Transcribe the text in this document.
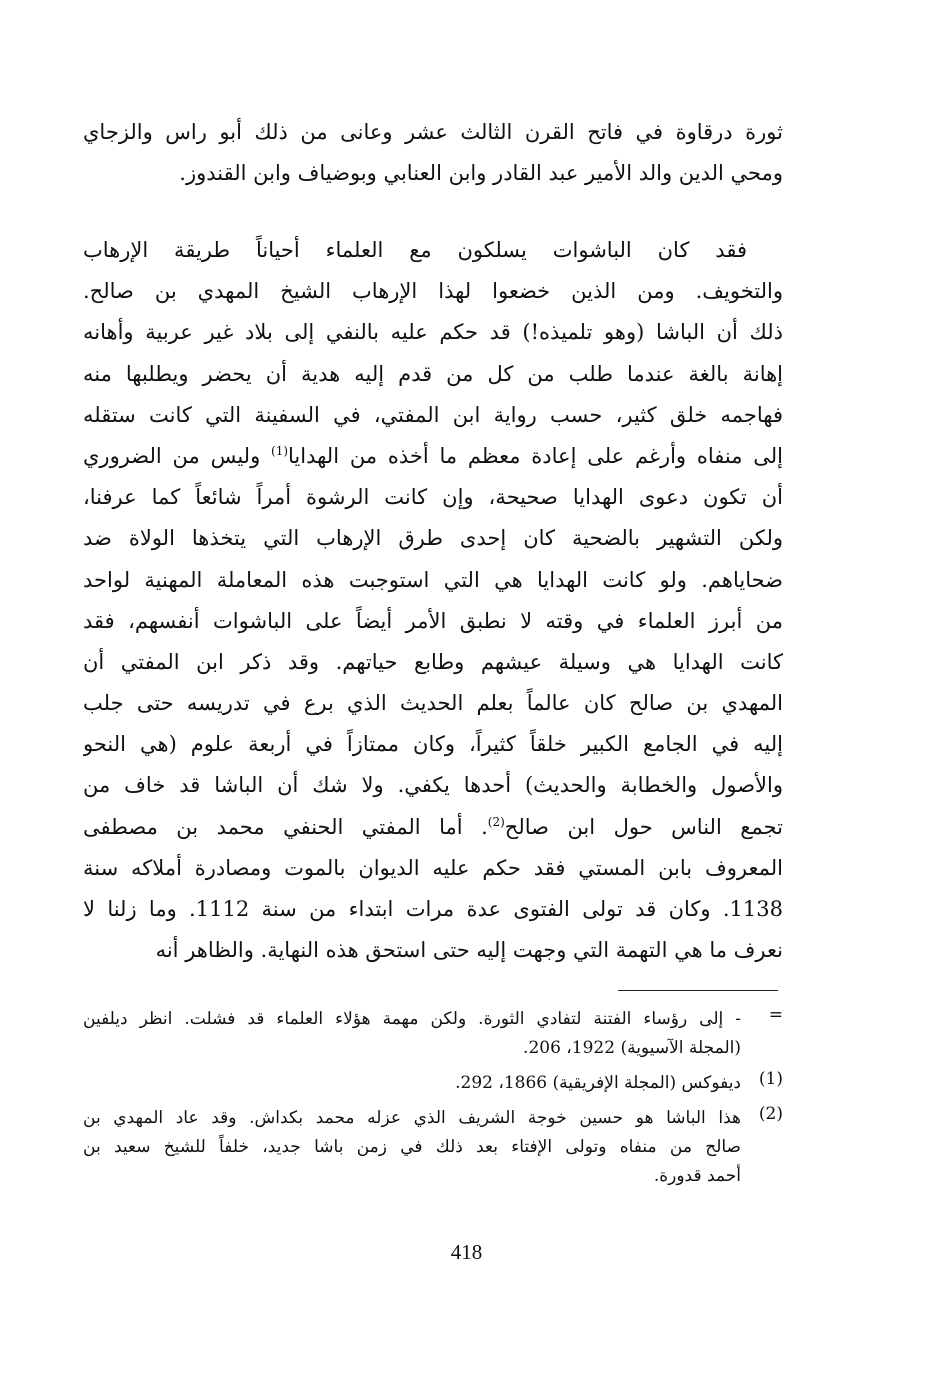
ثورة درقاوة في فاتح القرن الثالث عشر وعانى من ذلك أبو راس والزجاي
ومحي الدين والد الأمير عبد القادر وابن العنابي وبوضياف وابن القندوز.
فقد كان الباشوات يسلكون مع العلماء أحياناً طريقة الإرهاب
والتخويف. ومن الذين خضعوا لهذا الإرهاب الشيخ المهدي بن صالح.
ذلك أن الباشا (وهو تلميذه!) قد حكم عليه بالنفي إلى بلاد غير عربية وأهانه
إهانة بالغة عندما طلب من كل من قدم إليه هدية أن يحضر ويطلبها منه
فهاجمه خلق كثير، حسب رواية ابن المفتي، في السفينة التي كانت ستقله
إلى منفاه وأرغم على إعادة معظم ما أخذه من الهدايا$^{(1)}$ وليس من الضروري
أن تكون دعوى الهدايا صحيحة، وإن كانت الرشوة أمراً شائعاً كما عرفنا،
ولكن التشهير بالضحية كان إحدى طرق الإرهاب التي يتخذها الولاة ضد
ضحاياهم. ولو كانت الهدايا هي التي استوجبت هذه المعاملة المهنية لواحد
من أبرز العلماء في وقته لا نطبق الأمر أيضاً على الباشوات أنفسهم، فقد
كانت الهدايا هي وسيلة عيشهم وطابع حياتهم. وقد ذكر ابن المفتي أن
المهدي بن صالح كان عالماً بعلم الحديث الذي برع في تدريسه حتى جلب
إليه في الجامع الكبير خلقاً كثيراً، وكان ممتازاً في أربعة علوم (هي النحو
والأصول والخطابة والحديث) أحدها يكفي. ولا شك أن الباشا قد خاف من
تجمع الناس حول ابن صالح$^{(2)}$. أما المفتي الحنفي محمد بن مصطفى
المعروف بابن المستي فقد حكم عليه الديوان بالموت ومصادرة أملاكه سنة
1138. وكان قد تولى الفتوى عدة مرات ابتداء من سنة 1112. وما زلنا لا
نعرف ما هي التهمة التي وجهت إليه حتى استحق هذه النهاية. والظاهر أنه
=
- إلى رؤساء الفتنة لتفادي الثورة. ولكن مهمة هؤلاء العلماء قد فشلت. انظر ديلفين
(المجلة الآسيوية) 1922، 206.
(1)
ديفوكس (المجلة الإفريقية) 1866، 292.
(2)
هذا الباشا هو حسين خوجة الشريف الذي عزله محمد بكداش. وقد عاد المهدي بن
صالح من منفاه وتولى الإفتاء بعد ذلك في زمن باشا جديد، خلفاً للشيخ سعيد بن
أحمد قدورة.
418
